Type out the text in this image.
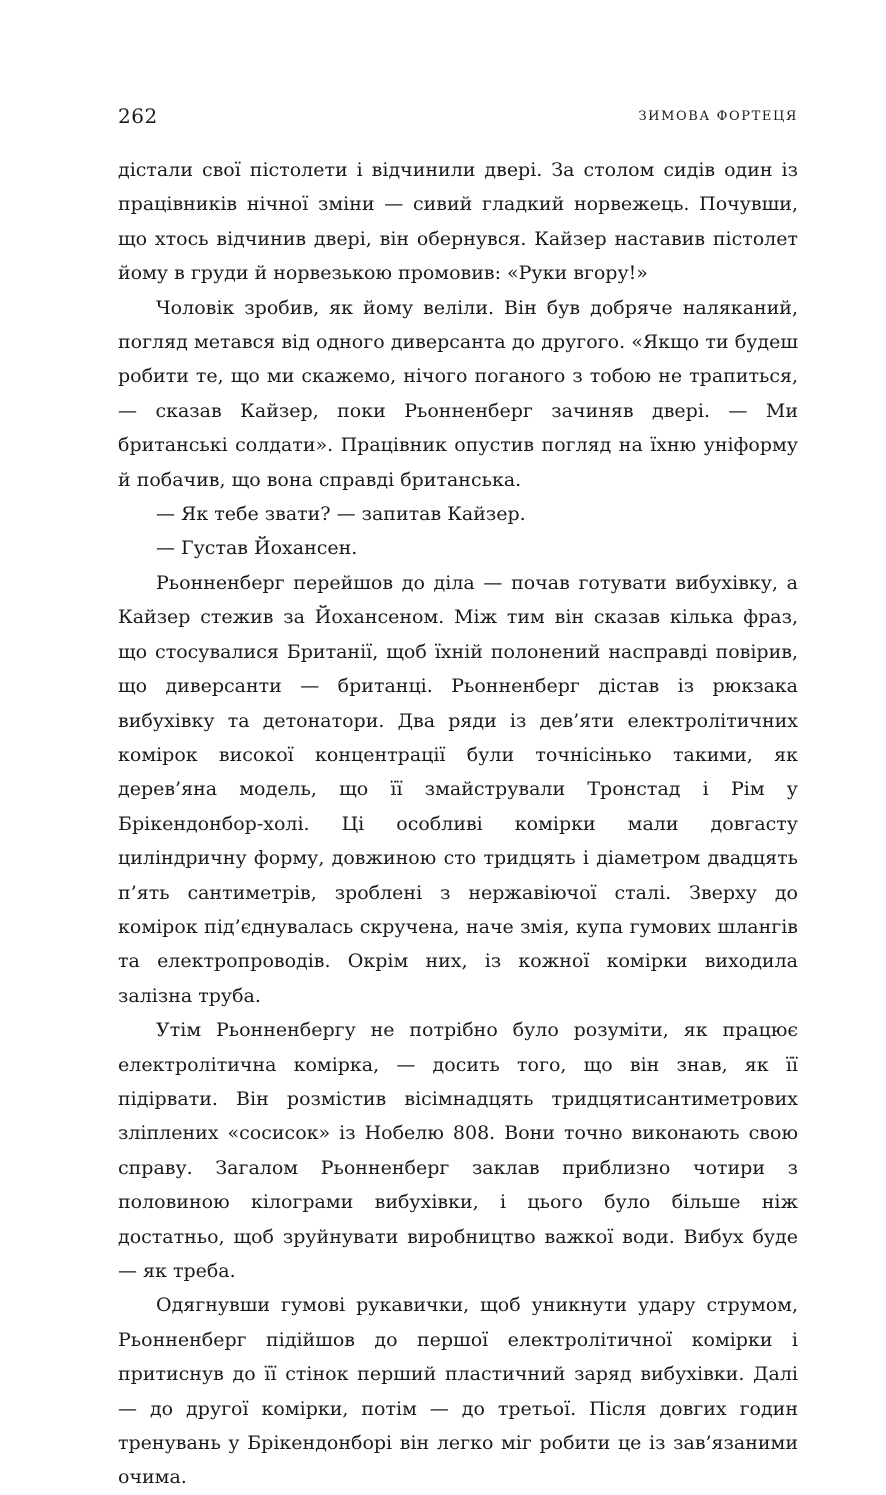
262	ЗИМОВА ФОРТЕЦЯ

дістали свої пістолети і відчинили двері. За столом сидів один із працівників нічної зміни — сивий гладкий норвежець. Почувши, що хтось відчинив двері, він обернувся. Кайзер наставив пістолет йому в груди й норвезькою промовив: «Руки вгору!»

Чоловік зробив, як йому веліли. Він був добряче наляканий, погляд метався від одного диверсанта до другого. «Якщо ти будеш робити те, що ми скажемо, нічого поганого з тобою не трапиться, — сказав Кайзер, поки Рьонненберг зачиняв двері. — Ми британські солдати». Працівник опустив погляд на їхню уніформу й побачив, що вона справді британська.

— Як тебе звати? — запитав Кайзер.

— Густав Йохансен.

Рьонненберг перейшов до діла — почав готувати вибухівку, а Кайзер стежив за Йохансеном. Між тим він сказав кілька фраз, що стосувалися Британії, щоб їхній полонений насправді повірив, що диверсанти — британці. Рьонненберг дістав із рюкзака вибухівку та детонатори. Два ряди із дев’яти електролітичних комірок високої концентрації були точнісінько такими, як дерев’яна модель, що її змайстрували Тронстад і Рім у Брікендонбор-холі. Ці особливі комірки мали довгасту циліндричну форму, довжиною сто тридцять і діаметром двадцять п’ять сантиметрів, зроблені з нержавіючої сталі. Зверху до комірок під’єднувалась скручена, наче змія, купа гумових шлангів та електропроводів. Окрім них, із кожної комірки виходила залізна труба.

Утім Рьонненбергу не потрібно було розуміти, як працює електролітична комірка, — досить того, що він знав, як її підірвати. Він розмістив вісімнадцять тридцятисантиметрових зліплених «сосисок» із Нобелю 808. Вони точно виконають свою справу. Загалом Рьонненберг заклав приблизно чотири з половиною кілограми вибухівки, і цього було більше ніж достатньо, щоб зруйнувати виробництво важкої води. Вибух буде — як треба.

Одягнувши гумові рукавички, щоб уникнути удару струмом, Рьонненберг підійшов до першої електролітичної комірки і притиснув до її стінок перший пластичний заряд вибухівки. Далі — до другої комірки, потім — до третьої. Після довгих годин тренувань у Брікендонборі він легко міг робити це із зав’язаними очима.
